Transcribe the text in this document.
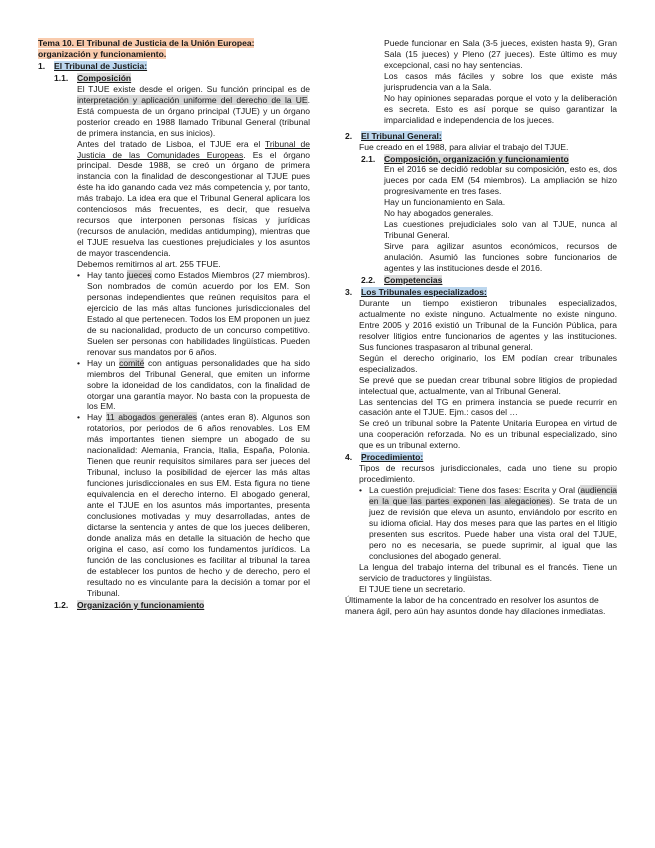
Tema 10. El Tribunal de Justicia de la Unión Europea:
organización y funcionamiento.
1. El Tribunal de Justicia:
1.1. Composición

El TJUE existe desde el origen. Su función principal es de interpretación y aplicación uniforme del derecho de la UE. Está compuesta de un órgano principal (TJUE) y un órgano posterior creado en 1988 llamado Tribunal General (tribunal de primera instancia, en sus inicios).

Antes del tratado de Lisboa, el TJUE era el Tribunal de Justicia de las Comunidades Europeas. Es el órgano principal. Desde 1988, se creó un órgano de primera instancia con la finalidad de descongestionar al TJUE pues éste ha ido ganando cada vez más competencia y, por tanto, más trabajo. La idea era que el Tribunal General aplicara los contenciosos más frecuentes, es decir, que resuelva recursos que interponen personas físicas y jurídicas (recursos de anulación, medidas antidumping), mientras que el TJUE resuelva las cuestiones prejudiciales y los asuntos de mayor trascendencia.

Debemos remitirnos al art. 255 TFUE.

• Hay tanto jueces como Estados Miembros (27 miembros). Son nombrados de común acuerdo por los EM. Son personas independientes que reúnen requisitos para el ejercicio de las más altas funciones jurisdiccionales del Estado al que pertenecen. Todos los EM proponen un juez de su nacionalidad, producto de un concurso competitivo. Suelen ser personas con habilidades lingüísticas. Pueden renovar sus mandatos por 6 años.

• Hay un comité con antiguas personalidades que ha sido miembros del Tribunal General, que emiten un informe sobre la idoneidad de los candidatos, con la finalidad de otorgar una garantía mayor. No basta con la propuesta de los EM.

• Hay 11 abogados generales (antes eran 8). Algunos son rotatorios, por periodos de 6 años renovables. Los EM más importantes tienen siempre un abogado de su nacionalidad: Alemania, Francia, Italia, España, Polonia. Tienen que reunir requisitos similares para ser jueces del Tribunal, incluso la posibilidad de ejercer las más altas funciones jurisdiccionales en sus EM. Esta figura no tiene equivalencia en el derecho interno. El abogado general, ante el TJUE en los asuntos más importantes, presenta conclusiones motivadas y muy desarrolladas, antes de dictarse la sentencia y antes de que los jueces deliberen, donde analiza más en detalle la situación de hecho que origina el caso, así como los fundamentos jurídicos. La función de las conclusiones es facilitar al tribunal la tarea de establecer los puntos de hecho y de derecho, pero el resultado no es vinculante para la decisión a tomar por el Tribunal.

1.2. Organización y funcionamiento

Puede funcionar en Sala (3-5 jueces, existen hasta 9), Gran Sala (15 jueces) y Pleno (27 jueces). Este último es muy excepcional, casi no hay sentencias.

Los casos más fáciles y sobre los que existe más jurisprudencia van a la Sala.

No hay opiniones separadas porque el voto y la deliberación es secreta. Esto es así porque se quiso garantizar la imparcialidad e independencia de los jueces.

2. El Tribunal General:

Fue creado en el 1988, para aliviar el trabajo del TJUE.

2.1. Composición, organización y funcionamiento

En el 2016 se decidió redoblar su composición, esto es, dos jueces por cada EM (54 miembros). La ampliación se hizo progresivamente en tres fases.

Hay un funcionamiento en Sala.

No hay abogados generales.

Las cuestiones prejudiciales solo van al TJUE, nunca al Tribunal General.

Sirve para agilizar asuntos económicos, recursos de anulación. Asumió las funciones sobre funcionarios de agentes y las instituciones desde el 2016.

2.2. Competencias
3. Los Tribunales especializados:

Durante un tiempo existieron tribunales especializados, actualmente no existe ninguno. Actualmente no existe ninguno. Entre 2005 y 2016 existió un Tribunal de la Función Pública, para resolver litigios entre funcionarios de agentes y las instituciones. Sus funciones traspasaron al tribunal general.

Según el derecho originario, los EM podían crear tribunales especializados.

Se prevé que se puedan crear tribunal sobre litigios de propiedad intelectual que, actualmente, van al Tribunal General.

Las sentencias del TG en primera instancia se puede recurrir en casación ante el TJUE. Ejm.: casos del …

Se creó un tribunal sobre la Patente Unitaria Europea en virtud de una cooperación reforzada. No es un tribunal especializado, sino que es un tribunal externo.

4. Procedimiento:

Tipos de recursos jurisdiccionales, cada uno tiene su propio procedimiento.

• La cuestión prejudicial: Tiene dos fases: Escrita y Oral (audiencia en la que las partes exponen las alegaciones). Se trata de un juez de revisión que eleva un asunto, enviándolo por escrito en su idioma oficial. Hay dos meses para que las partes en el litigio presenten sus escritos. Puede haber una vista oral del TJUE, pero no es necesaria, se puede suprimir, al igual que las conclusiones del abogado general.

La lengua del trabajo interna del tribunal es el francés. Tiene un servicio de traductores y lingüistas.

El TJUE tiene un secretario.

Últimamente la labor de ha concentrado en resolver los asuntos de manera ágil, pero aún hay asuntos donde hay dilaciones inmediatas.
